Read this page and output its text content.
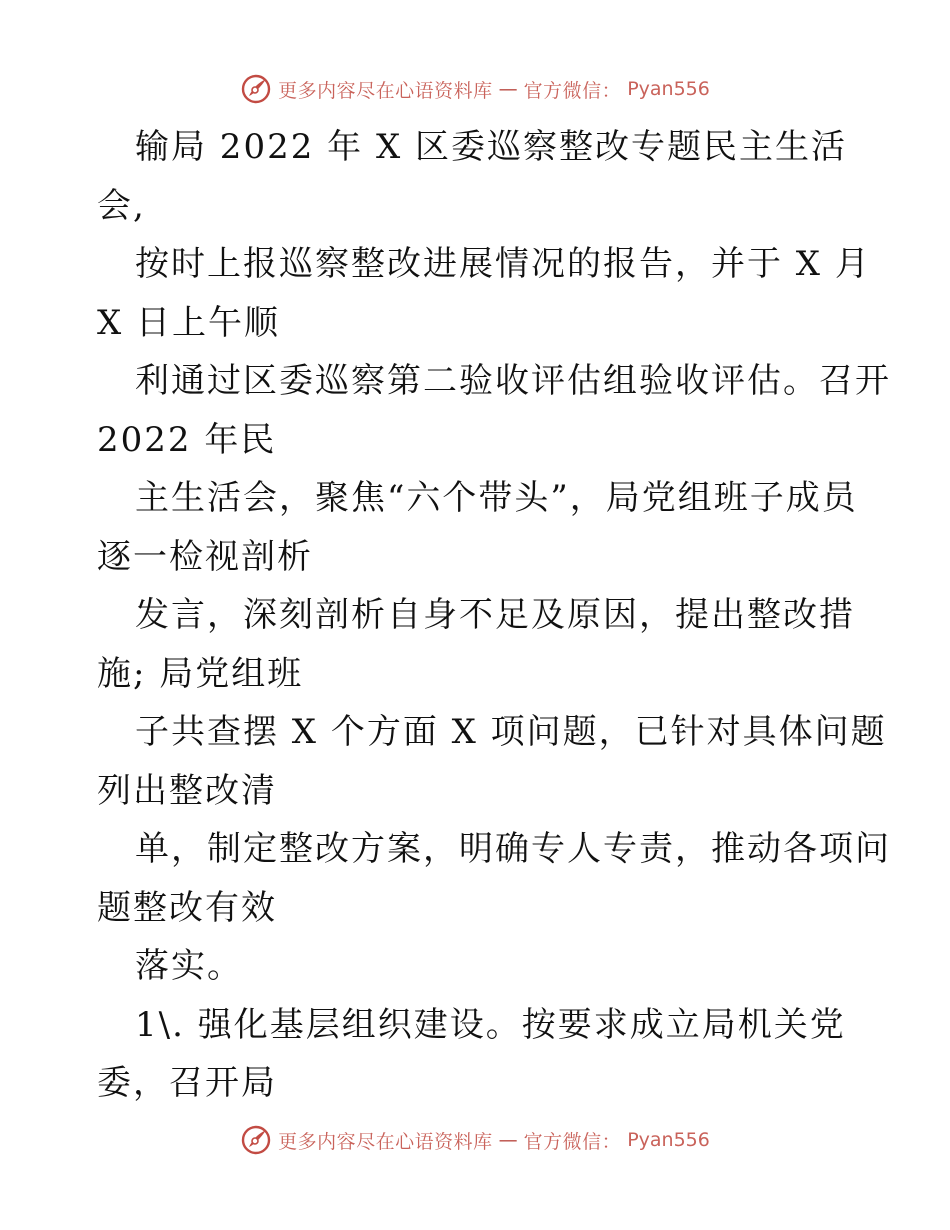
更多内容尽在心语资料库 — 官方微信： Pyan556
输局 2022 年 X 区委巡察整改专题民主生活
会,
按时上报巡察整改进展情况的报告，并于 X 月
X 日上午顺
利通过区委巡察第二验收评估组验收评估。召开
2022 年民
主生活会，聚焦“六个带头”，局党组班子成员
逐一检视剖析
发言，深刻剖析自身不足及原因，提出整改措
施; 局党组班
子共查摆 X 个方面 X 项问题，已针对具体问题
列出整改清
单，制定整改方案，明确专人专责，推动各项问
题整改有效
落实。
1\. 强化基层组织建设。按要求成立局机关党
委，召开局
更多内容尽在心语资料库 — 官方微信： Pyan556
